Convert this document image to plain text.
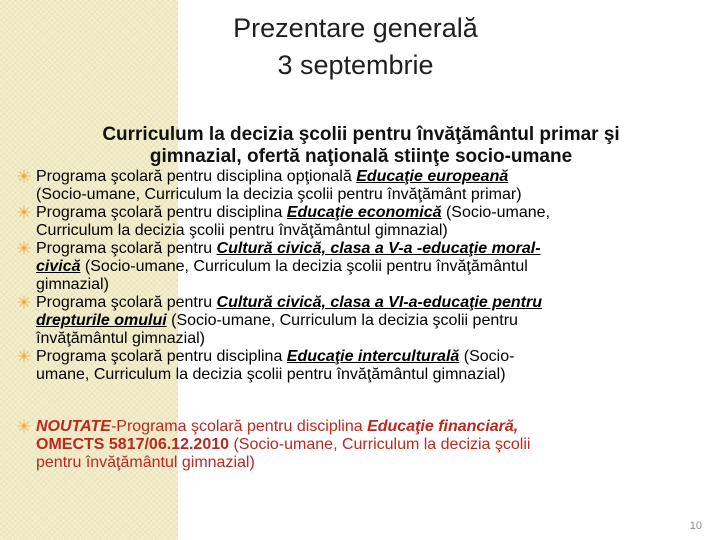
Prezentare generală
3 septembrie
Curriculum la decizia şcolii pentru învăţământul primar şi
gimnazial, ofertă naţională stiinţe socio-umane
Programa şcolară pentru disciplina opţională Educaţie europeană
(Socio-umane, Curriculum la decizia şcolii pentru învăţământ primar)
Programa şcolară pentru disciplina Educaţie economică (Socio-umane,
Curriculum la decizia şcolii pentru învăţământul gimnazial)
Programa şcolară pentru Cultură civică, clasa a V-a -educaţie moral-
civică (Socio-umane, Curriculum la decizia şcolii pentru învăţământul
gimnazial)
Programa şcolară pentru Cultură civică, clasa a VI-a-educaţie pentru
drepturile omului (Socio-umane, Curriculum la decizia şcolii pentru
învăţământul gimnazial)
Programa şcolară pentru disciplina Educaţie interculturală (Socio-
umane, Curriculum la decizia şcolii pentru învăţământul gimnazial)
NOUTATE-Programa şcolară pentru disciplina Educaţie financiară,
OMECTS 5817/06.12.2010 (Socio-umane, Curriculum la decizia şcolii
pentru învăţământul gimnazial)
10
